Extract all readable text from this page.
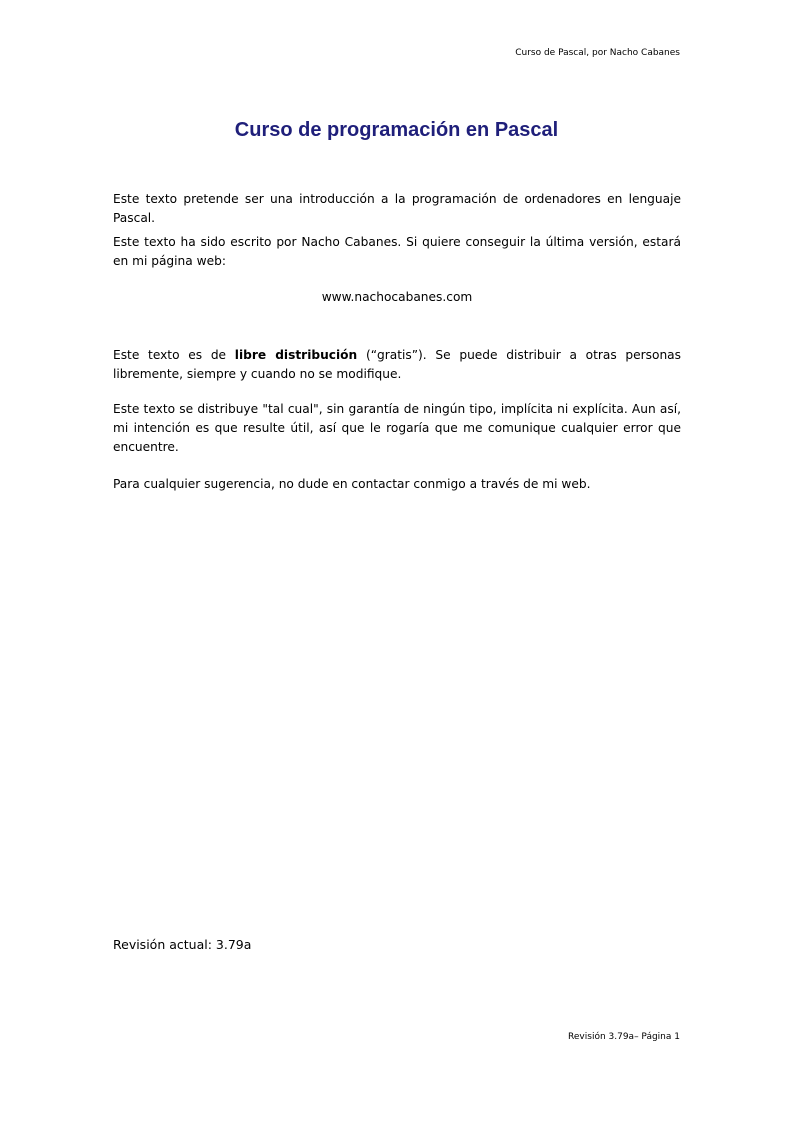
Curso de Pascal, por Nacho Cabanes
Curso de programación en Pascal

Este texto pretende ser una introducción a la programación de ordenadores en lenguaje Pascal.

Este texto ha sido escrito por Nacho Cabanes. Si quiere conseguir la última versión, estará en mi página web:

www.nachocabanes.com

Este texto es de libre distribución (“gratis”). Se puede distribuir a otras personas libremente, siempre y cuando no se modifique.

Este texto se distribuye "tal cual", sin garantía de ningún tipo, implícita ni explícita. Aun así, mi intención es que resulte útil, así que le rogaría que me comunique cualquier error que encuentre.

Para cualquier sugerencia, no dude en contactar conmigo a través de mi web.

Revisión actual: 3.79a
Revisión 3.79a– Página 1
